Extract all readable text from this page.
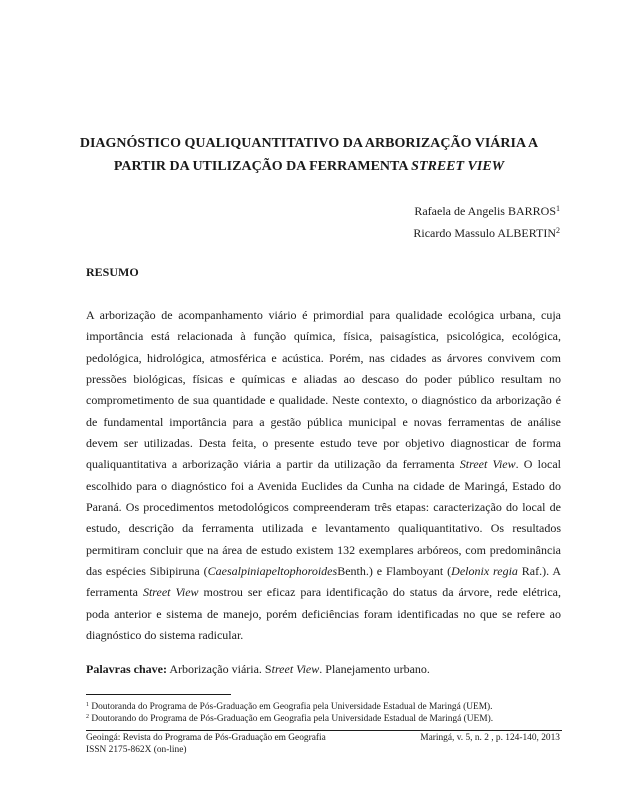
DIAGNÓSTICO QUALIQUANTITATIVO DA ARBORIZAÇÃO VIÁRIA A
PARTIR DA UTILIZAÇÃO DA FERRAMENTA STREET VIEW
Rafaela de Angelis BARROS$^1$
Ricardo Massulo ALBERTIN$^2$
RESUMO
A arborização de acompanhamento viário é primordial para qualidade ecológica urbana, cuja
importância está relacionada à função química, física, paisagística, psicológica, ecológica,
pedológica, hidrológica, atmosférica e acústica. Porém, nas cidades as árvores convivem com
pressões biológicas, físicas e químicas e aliadas ao descaso do poder público resultam no
comprometimento de sua quantidade e qualidade. Neste contexto, o diagnóstico da arborização é
de fundamental importância para a gestão pública municipal e novas ferramentas de análise
devem ser utilizadas. Desta feita, o presente estudo teve por objetivo diagnosticar de forma
qualiquantitativa a arborização viária a partir da utilização da ferramenta Street View. O local
escolhido para o diagnóstico foi a Avenida Euclides da Cunha na cidade de Maringá, Estado do
Paraná. Os procedimentos metodológicos compreenderam três etapas: caracterização do local de
estudo, descrição da ferramenta utilizada e levantamento qualiquantitativo. Os resultados
permitiram concluir que na área de estudo existem 132 exemplares arbóreos, com predominância
das espécies Sibipiruna (CaesalpiniapeltophoroidesBenth.) e Flamboyant (Delonix regia Raf.). A
ferramenta Street View mostrou ser eficaz para identificação do status da árvore, rede elétrica,
poda anterior e sistema de manejo, porém deficiências foram identificadas no que se refere ao
diagnóstico do sistema radicular.
Palavras chave: Arborização viária. Street View. Planejamento urbano.
$^1$ Doutoranda do Programa de Pós-Graduação em Geografia pela Universidade Estadual de Maringá (UEM).
$^2$ Doutorando do Programa de Pós-Graduação em Geografia pela Universidade Estadual de Maringá (UEM).
Geoingá: Revista do Programa de Pós-Graduação em Geografia
ISSN 2175-862X (on-line)
Maringá, v. 5, n. 2 , p. 124-140, 2013
